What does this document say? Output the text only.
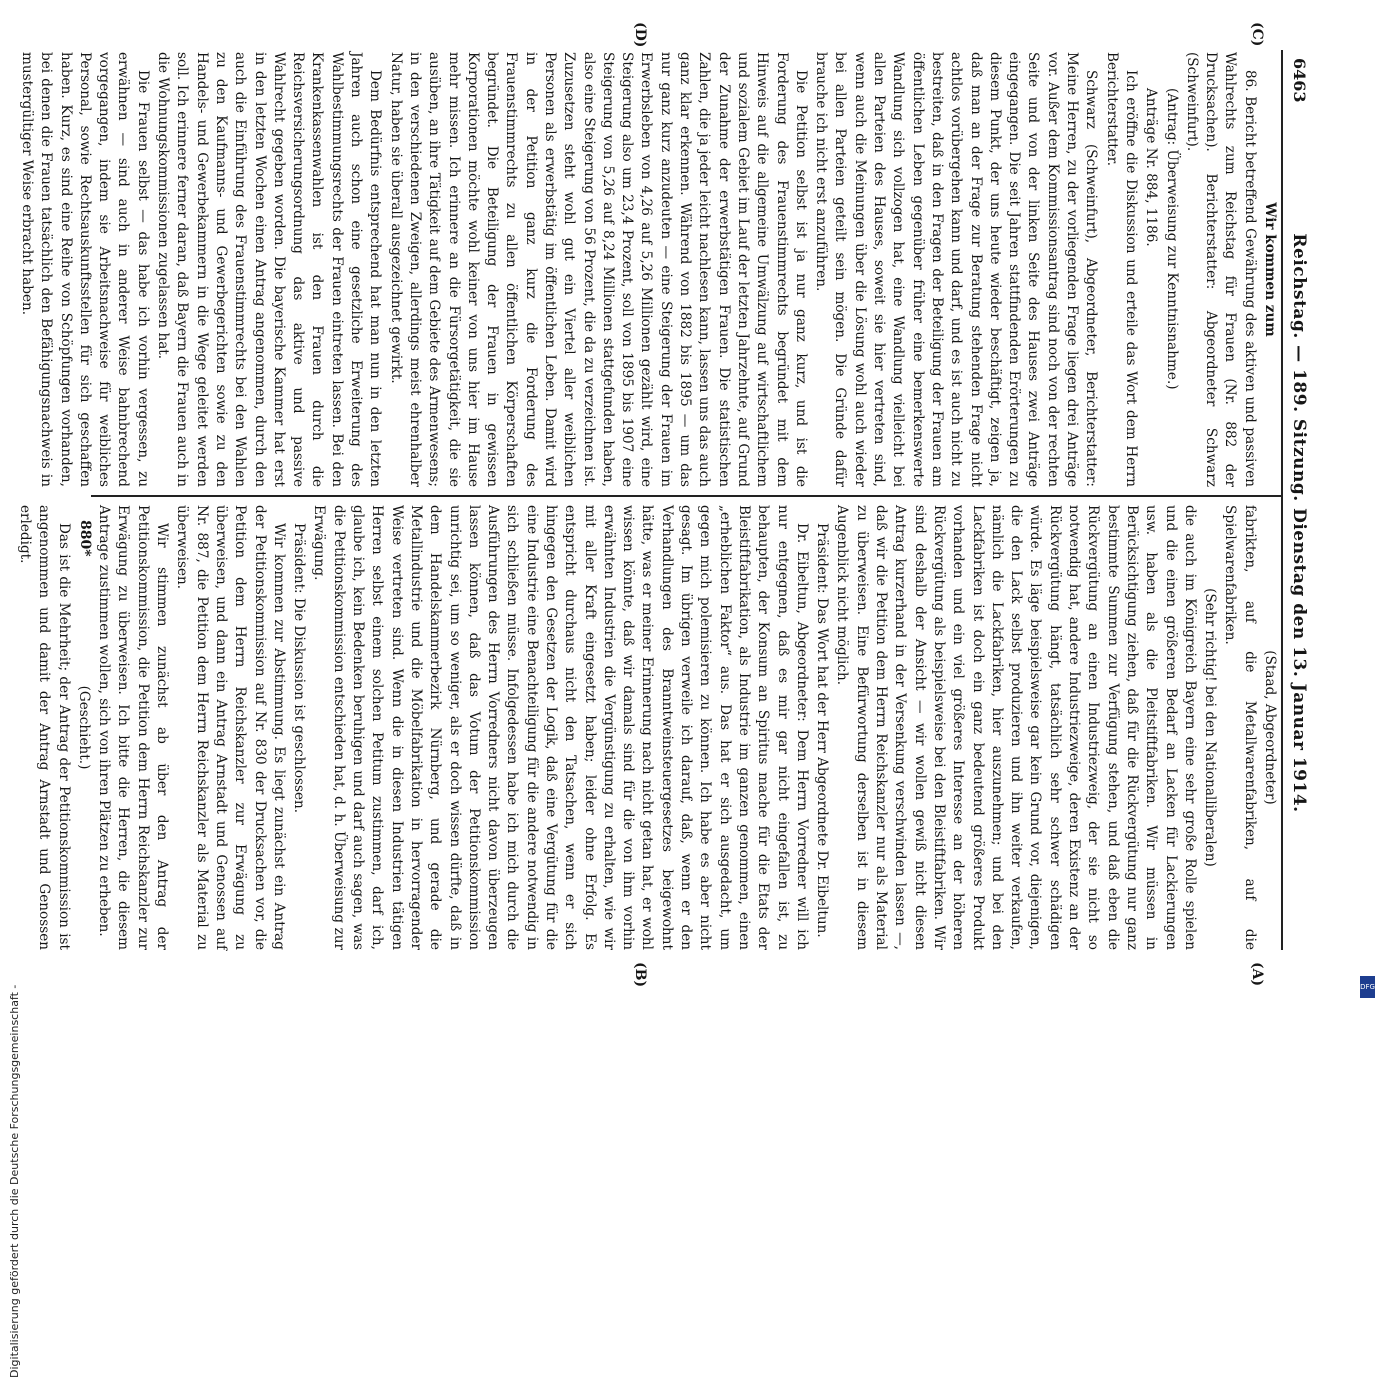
6463
Reichstag. — 189. Sitzung. Dienstag den 13. Januar 1914.
(C)
(D)
(A)
(B)

Wir kommen zum

86. Bericht betreffend Gewährung des aktiven und passiven Wahlrechts zum Reichstag für Frauen (Nr. 882 der Drucksachen). Berichterstatter: Abgeordneter Schwarz (Schweinfurt).

(Antrag: Überweisung zur Kenntnisnahme.)

Anträge Nr. 884, 1186.

Ich eröffne die Diskussion und erteile das Wort dem Herrn Berichterstatter.

Schwarz (Schweinfurt), Abgeordneter, Berichterstatter: Meine Herren, zu der vorliegenden Frage liegen drei Anträge vor. Außer dem Kommissionsantrag sind noch von der rechten Seite und von der linken Seite des Hauses zwei Anträge eingegangen. Die seit Jahren stattfindenden Erörterungen zu diesem Punkt, der uns heute wieder beschäftigt, zeigen ja, daß man an der Frage zur Beratung stehenden Frage nicht achtlos vorübergehen kann und darf, und es ist auch nicht zu bestreiten, daß in den Fragen der Beteiligung der Frauen am öffentlichen Leben gegenüber früher eine bemerkenswerte Wandlung sich vollzogen hat, eine Wandlung vielleicht bei allen Parteien des Hauses, soweit sie hier vertreten sind, wenn auch die Meinungen über die Lösung wohl auch wieder bei allen Parteien geteilt sein mögen. Die Gründe dafür brauche ich nicht erst anzuführen.

Die Petition selbst ist ja nur ganz kurz, und ist die Forderung des Frauenstimmrechts begründet mit dem Hinweis auf die allgemeine Umwälzung auf wirtschaftlichem und sozialem Gebiet im Lauf der letzten Jahrzehnte, auf Grund der Zunahme der erwerbstätigen Frauen. Die statistischen Zahlen, die ja jeder leicht nachlesen kann, lassen uns das auch ganz klar erkennen. Während von 1882 bis 1895 — um das nur ganz kurz anzudeuten — eine Steigerung der Frauen im Erwerbsleben von 4,26 auf 5,26 Millionen gezählt wird, eine Steigerung also um 23,4 Prozent, soll von 1895 bis 1907 eine Steigerung von 5,26 auf 8,24 Millionen stattgefunden haben, also eine Steigerung von 56 Prozent, die da zu verzeichnen ist. Zuzusetzen steht wohl gut ein Viertel aller weiblichen Personen als erwerbstätig im öffentlichen Leben. Damit wird in der Petition ganz kurz die Forderung des Frauenstimmrechts zu allen öffentlichen Körperschaften begründet. Die Beteiligung der Frauen in gewissen Korporationen möchte wohl keiner von uns hier im Hause mehr missen. Ich erinnere an die Fürsorgetätigkeit, die sie ausüben, an ihre Tätigkeit auf dem Gebiete des Armenwesens; in den verschiedenen Zweigen, allerdings meist ehrenhalber Natur, haben sie überall ausgezeichnet gewirkt.

Dem Bedürfnis entsprechend hat man nun in den letzten Jahren auch schon eine gesetzliche Erweiterung des Wahlbestimmungsrechts der Frauen eintreten lassen. Bei den Krankenkassenwahlen ist den Frauen durch die Reichsversicherungsordnung das aktive und passive Wahlrecht gegeben worden. Die bayerische Kammer hat erst in den letzten Wochen einen Antrag angenommen, durch den auch die Einführung des Frauenstimmrechts bei den Wahlen zu den Kaufmanns- und Gewerbegerichten sowie zu den Handels- und Gewerbekammern in die Wege geleitet werden soll. Ich erinnere ferner daran, daß Bayern die Frauen auch in die Wohnungskommissionen zugelassen hat.

Die Frauen selbst — das habe ich vorhin vergessen, zu erwähnen — sind auch in anderer Weise bahnbrechend vorgegangen, indem sie Arbeitsnachweise für weibliches Personal, sowie Rechtsauskunftsstellen für sich geschaffen haben. Kurz, es sind eine Reihe von Schöpfungen vorhanden, bei denen die Frauen tatsächlich den Befähigungsnachweis in mustergültiger Weise erbracht haben.

(Staad, Abgeordneter)

fabrikten, auf die Metallwarenfabriken, auf die Spielwarenfabriken.

(Sehr richtig! bei den Nationalliberalen)

die auch im Königreich Bayern eine sehr große Rolle spielen und die einen größeren Bedarf an Lacken für Lackierungen usw. haben als die Pleitstiftfabriken. Wir müssen in Berücksichtigung ziehen, daß für die Rückvergütung nur ganz bestimmte Summen zur Verfügung stehen, und daß eben die Rückvergütung an einen Industriezweig, der sie nicht so notwendig hat, andere Industriezweige, deren Existenz an der Rückvergütung hängt, tatsächlich sehr schwer schädigen würde. Es läge beispielsweise gar kein Grund vor, diejenigen, die den Lack selbst produzieren und ihn weiter verkaufen, nämlich die Lackfabriken, hier auszunehmen; und bei den Lackfabriken ist doch ein ganz bedeutend größeres Produkt vorhanden und ein viel größeres Interesse an der höheren Rückvergütung als beispielsweise bei den Bleistiftfabriken. Wir sind deshalb der Ansicht — wir wollen gewiß nicht diesen Antrag kurzerhand in der Versenkung verschwinden lassen —, daß wir die Petition dem Herrn Reichskanzler nur als Material zu überweisen. Eine Befürwortung derselben ist in diesem Augenblick nicht möglich.

Präsident: Das Wort hat der Herr Abgeordnete Dr. Eibeltun.

Dr. Eibeltun, Abgeordneter: Dem Herrn Vorredner will ich nur entgegnen, daß es mir gar nicht eingefallen ist, zu behaupten, der Konsum an Spiritus mache für die Etats der Bleistiftfabrikation, als Industrie im ganzen genommen, einen „erheblichen Faktor“ aus. Das hat er sich ausgedacht, um gegen mich polemisieren zu können. Ich habe es aber nicht gesagt. Im übrigen verweile ich darauf, daß, wenn er den Verhandlungen des Branntweinsteuergesetzes beigewohnt hätte, was er meiner Erinnerung nach nicht getan hat, er wohl wissen könnte, daß wir damals sind für die von ihm vorhin erwähnten Industrien die Vergünstigung zu erhalten, wie wir mit aller Kraft eingesetzt haben; leider ohne Erfolg. Es entspricht durchaus nicht den Tatsachen, wenn er sich hingegen den Gesetzen der Logik, daß eine Vergütung für die eine Industrie eine Benachteiligung für die andere notwendig in sich schließen müsse. Infolgedessen habe ich mich durch die Ausführungen des Herrn Vorredners nicht davon überzeugen lassen können, daß das Votum der Petitionskommission unrichtig sei, um so weniger, als er doch wissen dürfte, daß in dem Handelskammerbezirk Nürnberg, und gerade die Metallindustrie und die Möbelfabrikation in hervorragender Weise vertreten sind. Wenn die in diesen Industrien tätigen Herren selbst einem solchen Petitum zustimmen, darf ich, glaube ich, kein Bedenken beruhigen und darf auch sagen, was die Petitionskommission entschieden hat, d. h. Überweisung zur Erwägung.

Präsident: Die Diskussion ist geschlossen.

Wir kommen zur Abstimmung. Es liegt zunächst ein Antrag der Petitionskommission auf Nr. 830 der Drucksachen vor, die Petition dem Herrn Reichskanzler zur Erwägung zu überweisen, und dann ein Antrag Arnstadt und Genossen auf Nr. 887, die Petition dem Herrn Reichskanzler als Material zu überweisen.

Wir stimmen zunächst ab über den Antrag der Petitionskommission, die Petition dem Herrn Reichskanzler zur Erwägung zu überweisen. Ich bitte die Herren, die diesem Antrage zustimmen wollen, sich von ihren Plätzen zu erheben.

(Geschieht.)

Das ist die Mehrheit; der Antrag der Petitionskommission ist angenommen und damit der Antrag Arnstadt und Genossen erledigt.	880*
Digitalisierung gefördert durch die Deutsche Forschungsgemeinschaft -	DFG
